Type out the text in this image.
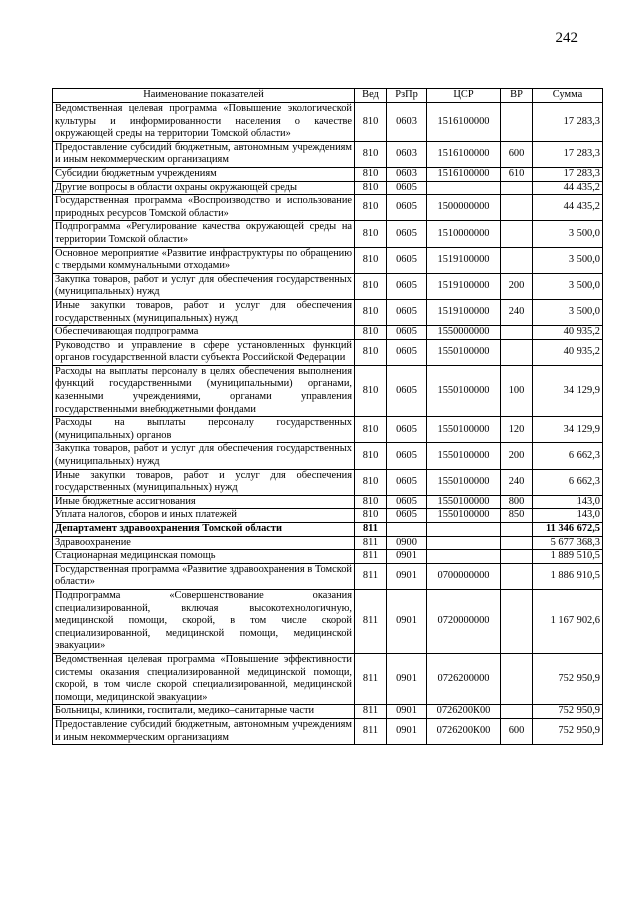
242
Наименование показателей	Вед	РзПр	ЦСР	ВР	Сумма
Ведомственная целевая программа «Повышение экологической культуры и информированности населения о качестве окружающей среды на территории Томской области»	810	0603	1516100000		17 283,3
Предоставление субсидий бюджетным, автономным учреждениям и иным некоммерческим организациям	810	0603	1516100000	600	17 283,3
Субсидии бюджетным учреждениям	810	0603	1516100000	610	17 283,3
Другие вопросы в области охраны окружающей среды	810	0605			44 435,2
Государственная программа «Воспроизводство и использование природных ресурсов Томской области»	810	0605	1500000000		44 435,2
Подпрограмма «Регулирование качества окружающей среды на территории Томской области»	810	0605	1510000000		3 500,0
Основное мероприятие «Развитие инфраструктуры по обращению с твердыми коммунальными отходами»	810	0605	1519100000		3 500,0
Закупка товаров, работ и услуг для обеспечения государственных (муниципальных) нужд	810	0605	1519100000	200	3 500,0
Иные закупки товаров, работ и услуг для обеспечения государственных (муниципальных) нужд	810	0605	1519100000	240	3 500,0
Обеспечивающая подпрограмма	810	0605	1550000000		40 935,2
Руководство и управление в сфере установленных функций органов государственной власти субъекта Российской Федерации	810	0605	1550100000		40 935,2
Расходы на выплаты персоналу в целях обеспечения выполнения функций государственными (муниципальными) органами, казенными учреждениями, органами управления государственными внебюджетными фондами	810	0605	1550100000	100	34 129,9
Расходы на выплаты персоналу государственных (муниципальных) органов	810	0605	1550100000	120	34 129,9
Закупка товаров, работ и услуг для обеспечения государственных (муниципальных) нужд	810	0605	1550100000	200	6 662,3
Иные закупки товаров, работ и услуг для обеспечения государственных (муниципальных) нужд	810	0605	1550100000	240	6 662,3
Иные бюджетные ассигнования	810	0605	1550100000	800	143,0
Уплата налогов, сборов и иных платежей	810	0605	1550100000	850	143,0
Департамент здравоохранения Томской области	811				11 346 672,5
Здравоохранение	811	0900			5 677 368,3
Стационарная медицинская помощь	811	0901			1 889 510,5
Государственная программа «Развитие здравоохранения в Томской области»	811	0901	0700000000		1 886 910,5
Подпрограмма «Совершенствование оказания специализированной, включая высокотехнологичную, медицинской помощи, скорой, в том числе скорой специализированной, медицинской помощи, медицинской эвакуации»	811	0901	0720000000		1 167 902,6
Ведомственная целевая программа «Повышение эффективности системы оказания специализированной медицинской помощи, скорой, в том числе скорой специализированной, медицинской помощи, медицинской эвакуации»	811	0901	0726200000		752 950,9
Больницы, клиники, госпитали, медико–санитарные части	811	0901	0726200К00		752 950,9
Предоставление субсидий бюджетным, автономным учреждениям и иным некоммерческим организациям	811	0901	0726200К00	600	752 950,9
